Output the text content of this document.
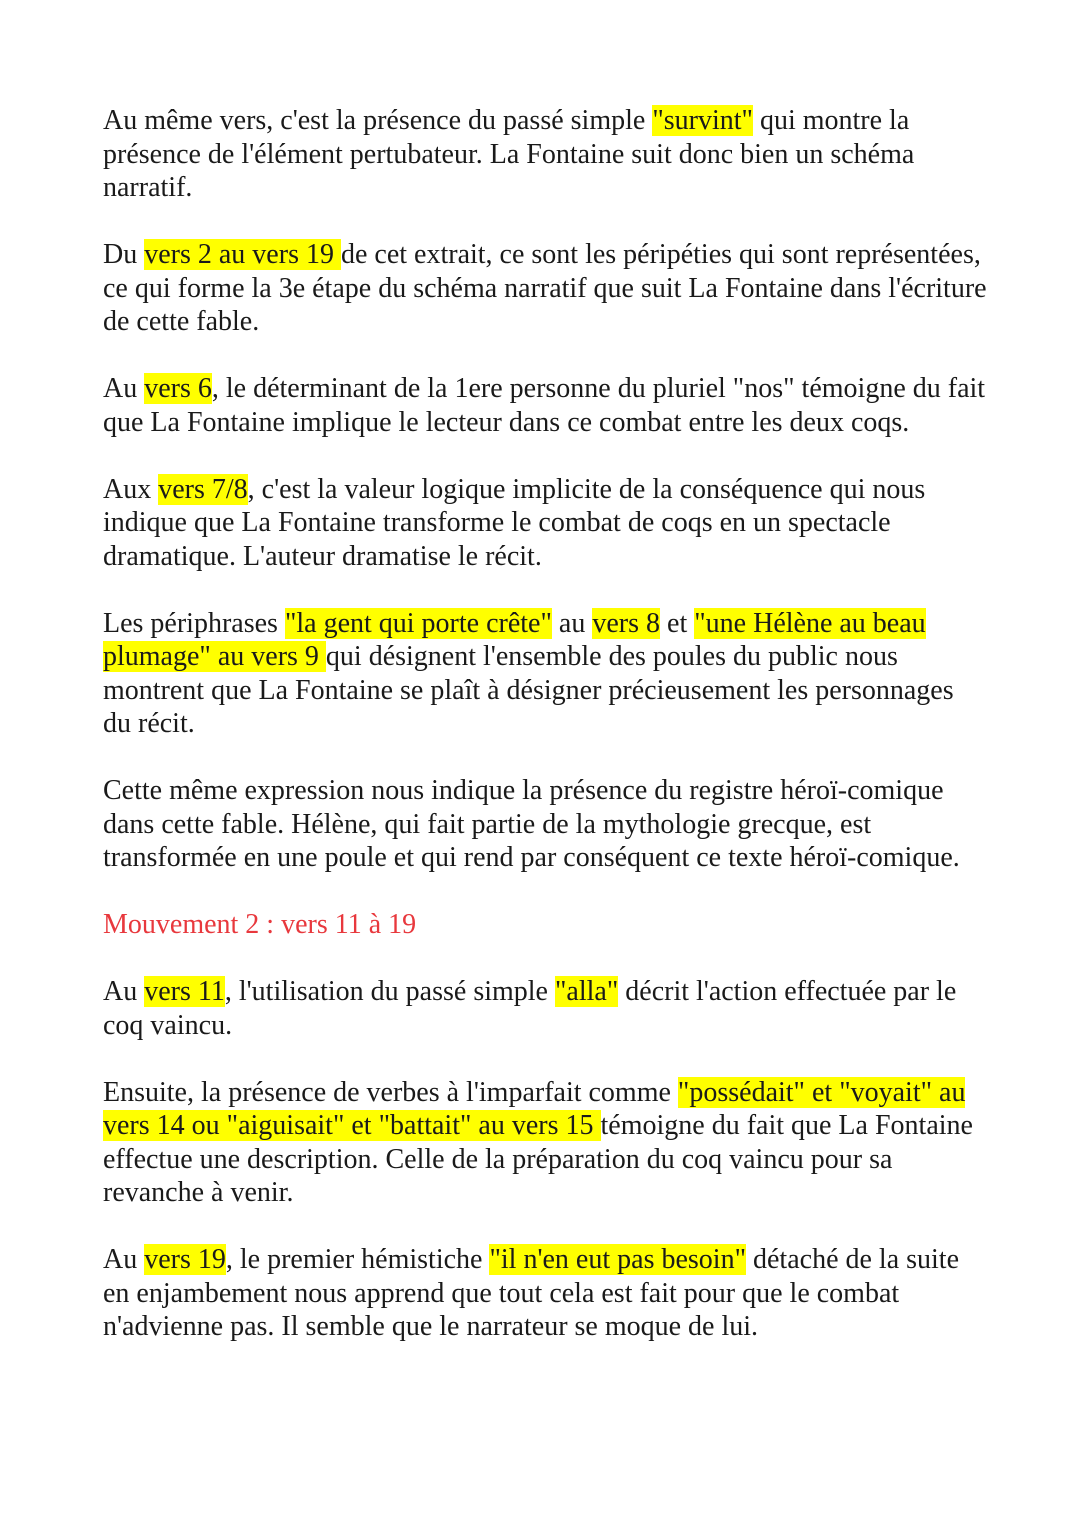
Au même vers, c'est la présence du passé simple "survint" qui montre la présence de l'élément pertubateur. La Fontaine suit donc bien un schéma narratif.

Du vers 2 au vers 19 de cet extrait, ce sont les péripéties qui sont représentées, ce qui forme la 3e étape du schéma narratif que suit La Fontaine dans l'écriture de cette fable.

Au vers 6, le déterminant de la 1ere personne du pluriel "nos" témoigne du fait que La Fontaine implique le lecteur dans ce combat entre les deux coqs.

Aux vers 7/8, c'est la valeur logique implicite de la conséquence qui nous indique que La Fontaine transforme le combat de coqs en un spectacle dramatique. L'auteur dramatise le récit.

Les périphrases "la gent qui porte crête" au vers 8 et "une Hélène au beau plumage" au vers 9 qui désignent l'ensemble des poules du public nous montrent que La Fontaine se plaît à désigner précieusement les personnages du récit.

Cette même expression nous indique la présence du registre héroï-comique dans cette fable. Hélène, qui fait partie de la mythologie grecque, est transformée en une poule et qui rend par conséquent ce texte héroï-comique.

Mouvement 2 : vers 11 à 19

Au vers 11, l'utilisation du passé simple "alla" décrit l'action effectuée par le coq vaincu.

Ensuite, la présence de verbes à l'imparfait comme "possédait" et "voyait" au vers 14 ou "aiguisait" et "battait" au vers 15 témoigne du fait que La Fontaine effectue une description. Celle de la préparation du coq vaincu pour sa revanche à venir.

Au vers 19, le premier hémistiche "il n'en eut pas besoin" détaché de la suite en enjambement nous apprend que tout cela est fait pour que le combat n'advienne pas. Il semble que le narrateur se moque de lui.
